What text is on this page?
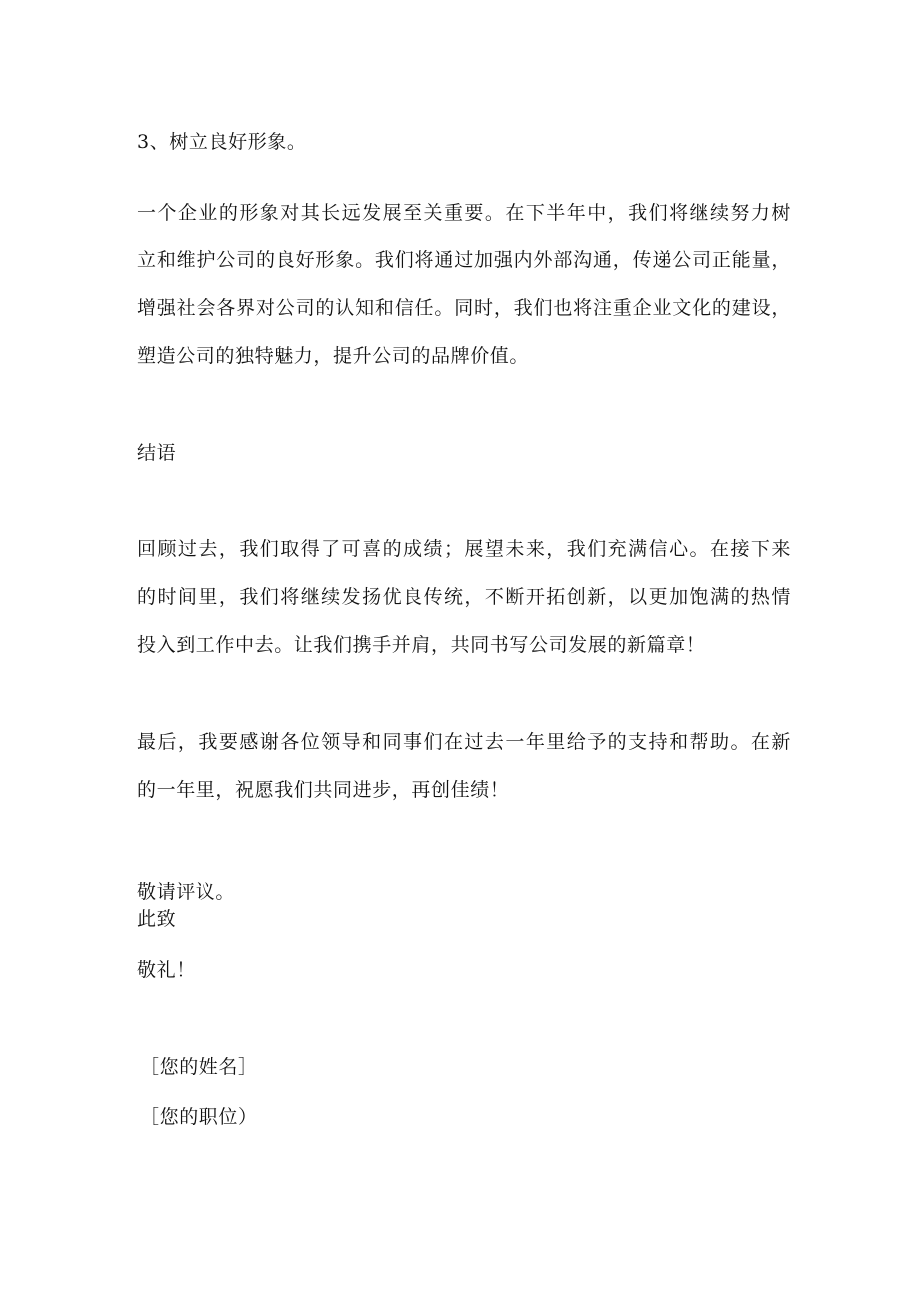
3、树立良好形象。
一个企业的形象对其长远发展至关重要。在下半年中，我们将继续努力树
立和维护公司的良好形象。我们将通过加强内外部沟通，传递公司正能量，
增强社会各界对公司的认知和信任。同时，我们也将注重企业文化的建设，
塑造公司的独特魅力，提升公司的品牌价值。
结语
回顾过去，我们取得了可喜的成绩；展望未来，我们充满信心。在接下来
的时间里，我们将继续发扬优良传统，不断开拓创新，以更加饱满的热情
投入到工作中去。让我们携手并肩，共同书写公司发展的新篇章！
最后，我要感谢各位领导和同事们在过去一年里给予的支持和帮助。在新
的一年里，祝愿我们共同进步，再创佳绩！
敬请评议。
此致
敬礼！
［您的姓名］
［您的职位）
